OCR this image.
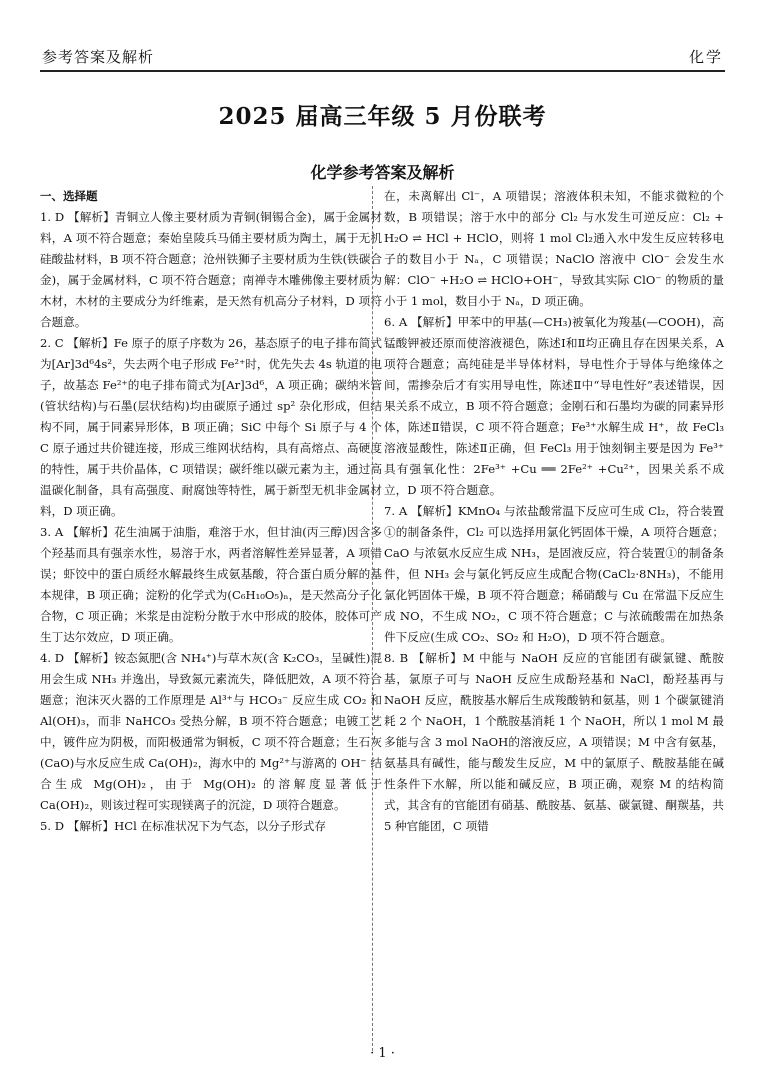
参考答案及解析	化学
2025 届高三年级 5 月份联考
化学参考答案及解析
一、选择题

1. D 【解析】青铜立人像主要材质为青铜(铜锡合金)，属于金属材料，A 项不符合题意；秦始皇陵兵马俑主要材质为陶土，属于无机硅酸盐材料，B 项不符合题意；沧州铁狮子主要材质为生铁(铁碳合金)，属于金属材料，C 项不符合题意；南禅寺木雕佛像主要材质为木材，木材的主要成分为纤维素，是天然有机高分子材料，D 项符合题意。

2. C 【解析】Fe 原子的原子序数为 26，基态原子的电子排布简式为[Ar]3d⁶4s²，失去两个电子形成 Fe²⁺时，优先失去 4s 轨道的电子，故基态 Fe²⁺的电子排布简式为[Ar]3d⁶，A 项正确；碳纳米管(管状结构)与石墨(层状结构)均由碳原子通过 sp² 杂化形成，但结构不同，属于同素异形体，B 项正确；SiC 中每个 Si 原子与 4 个 C 原子通过共价键连接，形成三维网状结构，具有高熔点、高硬度的特性，属于共价晶体，C 项错误；碳纤维以碳元素为主，通过高温碳化制备，具有高强度、耐腐蚀等特性，属于新型无机非金属材料，D 项正确。

3. A 【解析】花生油属于油脂，难溶于水，但甘油(丙三醇)因含多个羟基而具有强亲水性，易溶于水，两者溶解性差异显著，A 项错误；虾饺中的蛋白质经水解最终生成氨基酸，符合蛋白质分解的基本规律，B 项正确；淀粉的化学式为(C₆H₁₀O₅)ₙ，是天然高分子化合物，C 项正确；米浆是由淀粉分散于水中形成的胶体，胶体可产生丁达尔效应，D 项正确。

4. D 【解析】铵态氮肥(含 NH₄⁺)与草木灰(含 K₂CO₃，呈碱性)混用会生成 NH₃ 并逸出，导致氮元素流失，降低肥效，A 项不符合题意；泡沫灭火器的工作原理是 Al³⁺与 HCO₃⁻ 反应生成 CO₂ 和 Al(OH)₃，而非 NaHCO₃ 受热分解，B 项不符合题意；电镀工艺中，镀件应为阴极，而阳极通常为铜板，C 项不符合题意；生石灰(CaO)与水反应生成 Ca(OH)₂，海水中的 Mg²⁺与游离的 OH⁻ 结合生成 Mg(OH)₂，由于 Mg(OH)₂ 的溶解度显著低于 Ca(OH)₂，则该过程可实现镁离子的沉淀，D 项符合题意。

5. D 【解析】HCl 在标准状况下为气态，以分子形式存

在，未离解出 Cl⁻，A 项错误；溶液体积未知，不能求微粒的个数，B 项错误；溶于水中的部分 Cl₂ 与水发生可逆反应：Cl₂ + H₂O ⇌ HCl + HClO，则将 1 mol Cl₂通入水中发生反应转移电子的数目小于 Nₐ，C 项错误；NaClO 溶液中 ClO⁻ 会发生水解：ClO⁻ +H₂O ⇌ HClO+OH⁻，导致其实际 ClO⁻ 的物质的量小于 1 mol，数目小于 Nₐ，D 项正确。

6. A 【解析】甲苯中的甲基(—CH₃)被氧化为羧基(—COOH)，高锰酸钾被还原而使溶液褪色，陈述Ⅰ和Ⅱ均正确且存在因果关系，A 项符合题意；高纯硅是半导体材料，导电性介于导体与绝缘体之间，需掺杂后才有实用导电性，陈述Ⅱ中“导电性好”表述错误，因果关系不成立，B 项不符合题意；金刚石和石墨均为碳的同素异形体，陈述Ⅱ错误，C 项不符合题意；Fe³⁺水解生成 H⁺，故 FeCl₃ 溶液显酸性，陈述Ⅱ正确，但 FeCl₃ 用于蚀刻铜主要是因为 Fe³⁺具有强氧化性：2Fe³⁺ +Cu ══ 2Fe²⁺ +Cu²⁺，因果关系不成立，D 项不符合题意。

7. A 【解析】KMnO₄ 与浓盐酸常温下反应可生成 Cl₂，符合装置①的制备条件，Cl₂ 可以选择用氯化钙固体干燥，A 项符合题意；CaO 与浓氨水反应生成 NH₃，是固液反应，符合装置①的制备条件，但 NH₃ 会与氯化钙反应生成配合物(CaCl₂·8NH₃)，不能用氯化钙固体干燥，B 项不符合题意；稀硝酸与 Cu 在常温下反应生成 NO，不生成 NO₂，C 项不符合题意；C 与浓硫酸需在加热条件下反应(生成 CO₂、SO₂ 和 H₂O)，D 项不符合题意。

8. B 【解析】M 中能与 NaOH 反应的官能团有碳氯键、酰胺基，氯原子可与 NaOH 反应生成酚羟基和 NaCl，酚羟基再与 NaOH 反应，酰胺基水解后生成羧酸钠和氨基，则 1 个碳氯键消耗 2 个 NaOH，1 个酰胺基消耗 1 个 NaOH，所以 1 mol M 最多能与含 3 mol NaOH的溶液反应，A 项错误；M 中含有氨基，氨基具有碱性，能与酸发生反应，M 中的氯原子、酰胺基能在碱性条件下水解，所以能和碱反应，B 项正确，观察 M 的结构简式，其含有的官能团有硝基、酰胺基、氨基、碳氯键、酮羰基，共 5 种官能团，C 项错

· 1 ·
